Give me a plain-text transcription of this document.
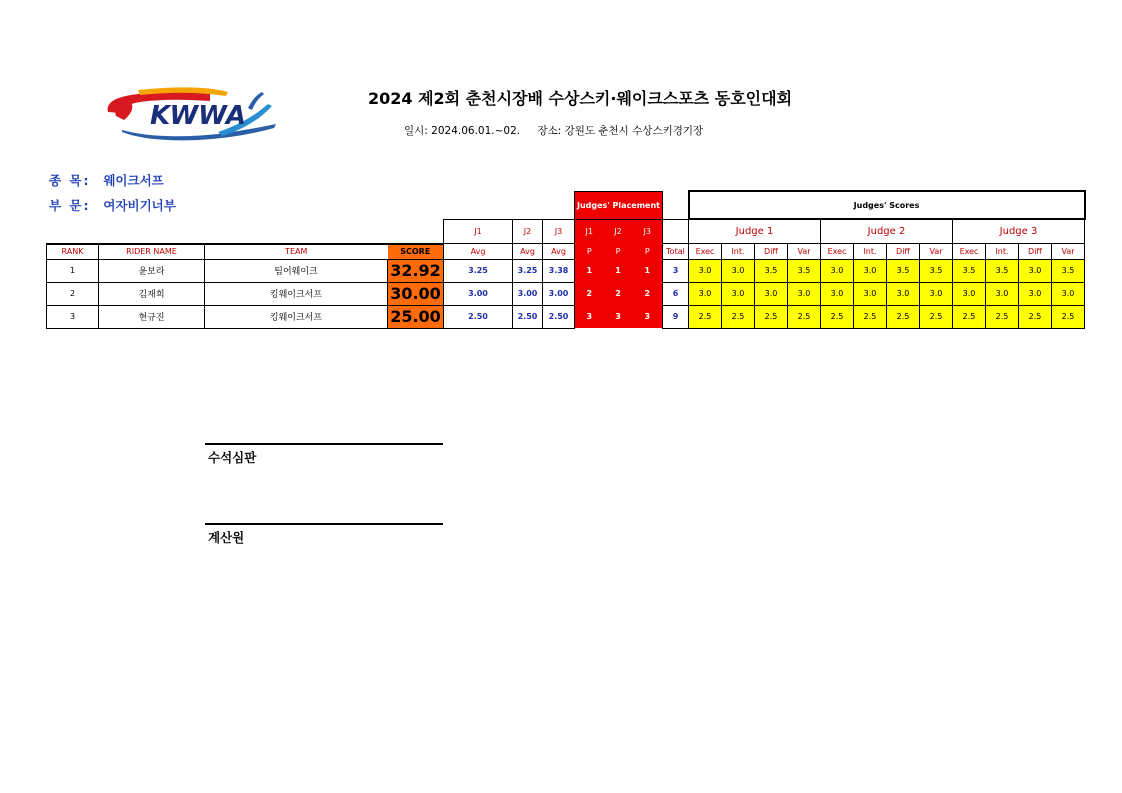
KWWA
2024 제2회 춘천시장배 수상스키·웨이크스포츠 동호인대회
일시: 2024.06.01.~02. 장소: 강원도 춘천시 수상스키경기장
종 목: 웨이크서프
부 문: 여자비기너부
							Judges' Placement				Judges' Scores											
				J1	J2	J3	J1	J2	J3		Judge 1				Judge 2				Judge 3			
RANK	RIDER NAME	TEAM	SCORE	Avg	Avg	Avg	P	P	P	Total	Exec	Int.	Diff	Var	Exec	Int.	Diff	Var	Exec	Int.	Diff	Var
1	윤보라	팀어웨이크	32.92	3.25	3.25	3.38	1	1	1	3	3.0	3.0	3.5	3.5	3.0	3.0	3.5	3.5	3.5	3.5	3.0	3.5
2	김재희	킹웨이크서프	30.00	3.00	3.00	3.00	2	2	2	6	3.0	3.0	3.0	3.0	3.0	3.0	3.0	3.0	3.0	3.0	3.0	3.0
3	현규진	킹웨이크서프	25.00	2.50	2.50	2.50	3	3	3	9	2.5	2.5	2.5	2.5	2.5	2.5	2.5	2.5	2.5	2.5	2.5	2.5
수석심판
계산원
